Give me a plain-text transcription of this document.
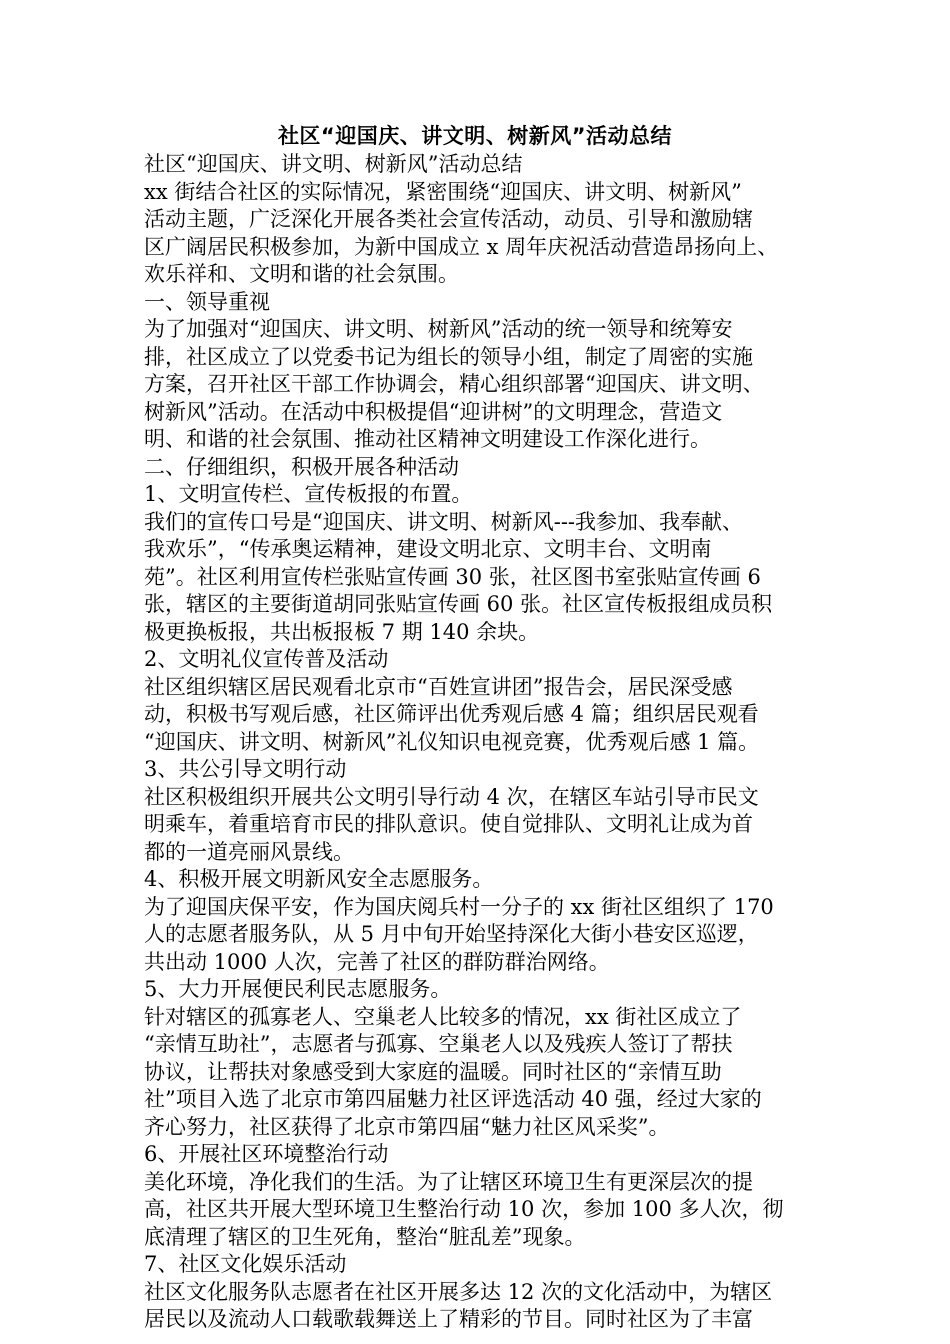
社区“迎国庆、讲文明、树新风”活动总结
社区“迎国庆、讲文明、树新风”活动总结
xx 街结合社区的实际情况，紧密围绕“迎国庆、讲文明、树新风”
活动主题，广泛深化开展各类社会宣传活动，动员、引导和激励辖
区广阔居民积极参加，为新中国成立 x 周年庆祝活动营造昂扬向上、
欢乐祥和、文明和谐的社会氛围。
一、领导重视
为了加强对“迎国庆、讲文明、树新风”活动的统一领导和统筹安
排，社区成立了以党委书记为组长的领导小组，制定了周密的实施
方案，召开社区干部工作协调会，精心组织部署“迎国庆、讲文明、
树新风”活动。在活动中积极提倡“迎讲树”的文明理念，营造文
明、和谐的社会氛围、推动社区精神文明建设工作深化进行。
二、仔细组织，积极开展各种活动
1、文明宣传栏、宣传板报的布置。
我们的宣传口号是“迎国庆、讲文明、树新风---我参加、我奉献、
我欢乐”，“传承奥运精神，建设文明北京、文明丰台、文明南
苑”。社区利用宣传栏张贴宣传画 30 张，社区图书室张贴宣传画 6
张，辖区的主要街道胡同张贴宣传画 60 张。社区宣传板报组成员积
极更换板报，共出板报板 7 期 140 余块。
2、文明礼仪宣传普及活动
社区组织辖区居民观看北京市“百姓宣讲团”报告会，居民深受感
动，积极书写观后感，社区筛评出优秀观后感 4 篇；组织居民观看
“迎国庆、讲文明、树新风”礼仪知识电视竞赛，优秀观后感 1 篇。
3、共公引导文明行动
社区积极组织开展共公文明引导行动 4 次，在辖区车站引导市民文
明乘车，着重培育市民的排队意识。使自觉排队、文明礼让成为首
都的一道亮丽风景线。
4、积极开展文明新风安全志愿服务。
为了迎国庆保平安，作为国庆阅兵村一分子的 xx 街社区组织了 170
人的志愿者服务队，从 5 月中旬开始坚持深化大街小巷安区巡逻，
共出动 1000 人次，完善了社区的群防群治网络。
5、大力开展便民利民志愿服务。
针对辖区的孤寡老人、空巢老人比较多的情况，xx 街社区成立了
“亲情互助社”，志愿者与孤寡、空巢老人以及残疾人签订了帮扶
协议，让帮扶对象感受到大家庭的温暖。同时社区的“亲情互助
社”项目入选了北京市第四届魅力社区评选活动 40 强，经过大家的
齐心努力，社区获得了北京市第四届“魅力社区风采奖”。
6、开展社区环境整治行动
美化环境，净化我们的生活。为了让辖区环境卫生有更深层次的提
高，社区共开展大型环境卫生整治行动 10 次，参加 100 多人次，彻
底清理了辖区的卫生死角，整治“脏乱差”现象。
7、社区文化娱乐活动
社区文化服务队志愿者在社区开展多达 12 次的文化活动中，为辖区
居民以及流动人口载歌载舞送上了精彩的节目。同时社区为了丰富
